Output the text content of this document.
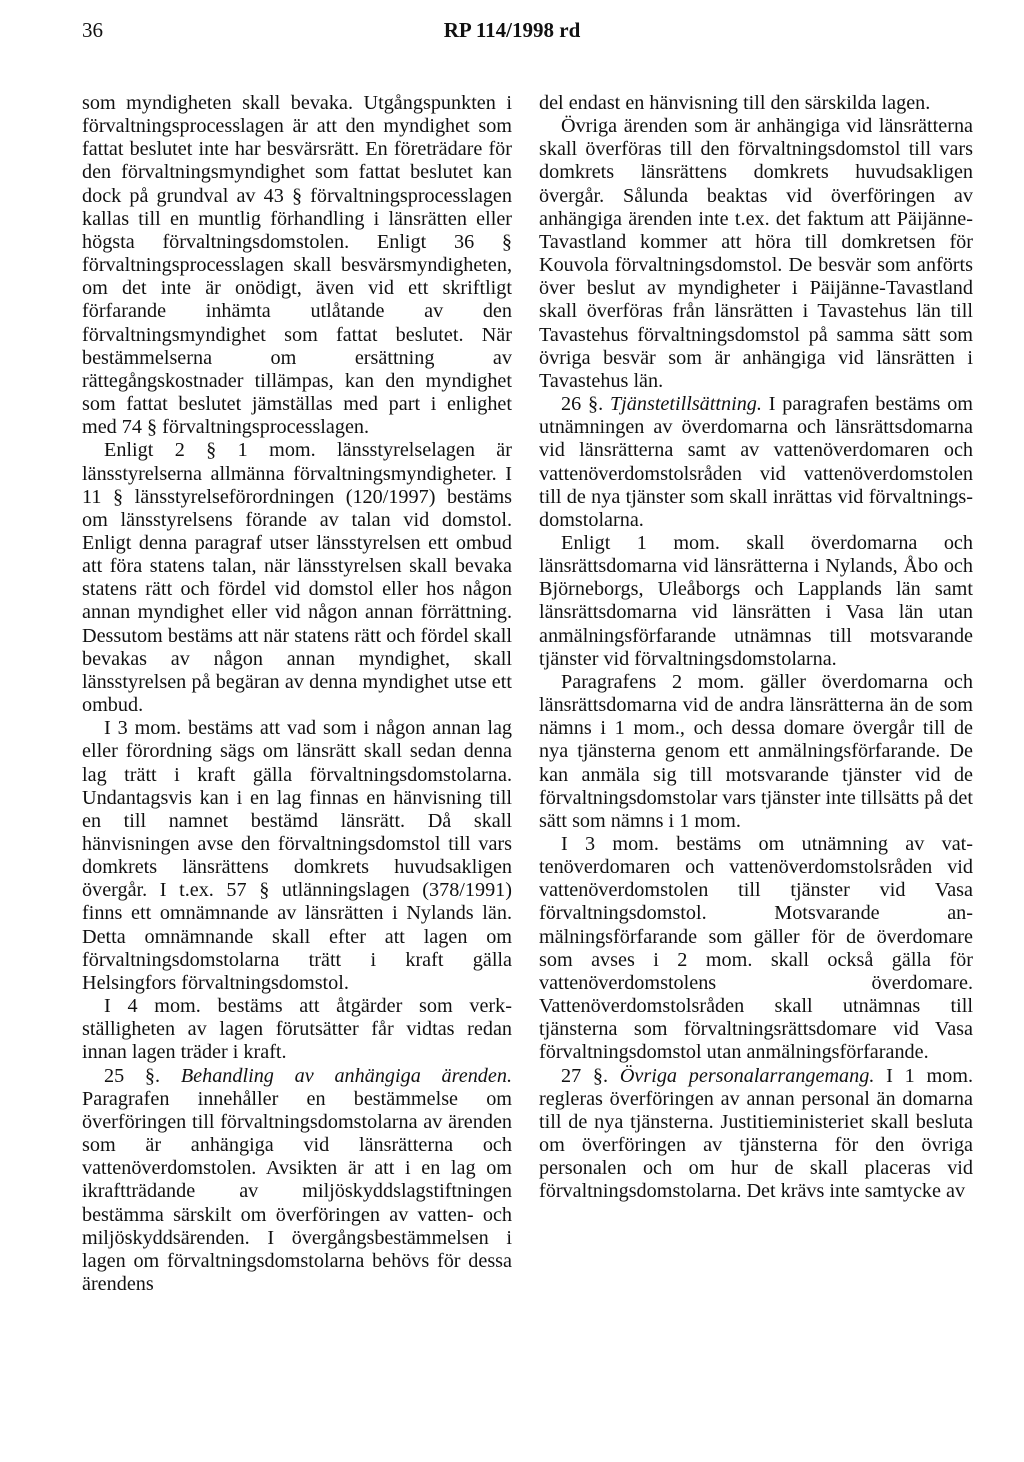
36	RP 114/1998 rd

som myndigheten skall bevaka. Utgångspunkten i förvaltningsprocesslagen är att den myndighet som fattat beslutet inte har besvärsrätt. En företrädare för den förvaltningsmyndighet som fattat beslutet kan dock på grundval av 43 § förvaltningsprocesslagen kallas till en muntlig förhandling i länsrätten eller högsta förvaltningsdomstolen. Enligt 36 § förvaltningsprocesslagen skall besvärsmyndigheten, om det inte är onödigt, även vid ett skriftligt förfarande inhämta utlåtande av den förvaltningsmyndighet som fattat beslutet. När bestämmelserna om ersättning av rättegångskostnader tillämpas, kan den myndighet som fattat beslutet jämställas med part i enlighet med 74 § förvaltningsprocesslagen.

Enligt 2 § 1 mom. länsstyrelselagen är länsstyrelserna allmänna förvaltningsmyndigheter. I 11 § länsstyrelseförordningen (120/1997) bestäms om länsstyrelsens förande av talan vid domstol. Enligt denna paragraf utser länsstyrelsen ett ombud att föra statens talan, när länsstyrelsen skall bevaka statens rätt och fördel vid domstol eller hos någon annan myndighet eller vid någon annan förrättning. Dessutom bestäms att när statens rätt och fördel skall bevakas av någon annan myndighet, skall länsstyrelsen på begäran av denna myndighet utse ett ombud.

I 3 mom. bestäms att vad som i någon annan lag eller förordning sägs om länsrätt skall sedan denna lag trätt i kraft gälla förvaltningsdomstolarna. Undantagsvis kan i en lag finnas en hänvisning till en till namnet bestämd länsrätt. Då skall hänvisningen avse den förvaltningsdomstol till vars domkrets länsrättens domkrets huvudsakligen övergår. I t.ex. 57 § utlänningslagen (378/1991) finns ett omnämnande av länsrätten i Nylands län. Detta omnämnande skall efter att lagen om förvaltningsdomstolarna trätt i kraft gälla Helsingfors förvaltningsdomstol.

I 4 mom. bestäms att åtgärder som verkställigheten av lagen förutsätter får vidtas redan innan lagen träder i kraft.

25 §. Behandling av anhängiga ärenden. Paragrafen innehåller en bestämmelse om överföringen till förvaltningsdomstolarna av ärenden som är anhängiga vid länsrätterna och vattenöverdomstolen. Avsikten är att i en lag om ikraftträdande av miljöskyddslagstiftningen bestämma särskilt om överföringen av vatten- och miljöskyddsärenden. I övergångsbestämmelsen i lagen om förvaltningsdomstolarna behövs för dessa ärendens

del endast en hänvisning till den särskilda lagen.

Övriga ärenden som är anhängiga vid länsrätterna skall överföras till den förvaltningsdomstol till vars domkrets länsrättens domkrets huvudsakligen övergår. Sålunda beaktas vid överföringen av anhängiga ärenden inte t.ex. det faktum att Päijänne-Tavastland kommer att höra till domkretsen för Kouvola förvaltningsdomstol. De besvär som anförts över beslut av myndigheter i Päijänne-Tavastland skall överföras från länsrätten i Tavastehus län till Tavastehus förvaltningsdomstol på samma sätt som övriga besvär som är anhängiga vid länsrätten i Tavastehus län.

26 §. Tjänstetillsättning. I paragrafen bestäms om utnämningen av överdomarna och länsrättsdomarna vid länsrätterna samt av vattenöverdomaren och vattenöverdomstolsråden vid vattenöverdomstolen till de nya tjänster som skall inrättas vid förvaltningsdomstolarna.

Enligt 1 mom. skall överdomarna och länsrättsdomarna vid länsrätterna i Nylands, Åbo och Björneborgs, Uleåborgs och Lapplands län samt länsrättsdomarna vid länsrätten i Vasa län utan anmälningsförfarande utnämnas till motsvarande tjänster vid förvaltningsdomstolarna.

Paragrafens 2 mom. gäller överdomarna och länsrättsdomarna vid de andra länsrätterna än de som nämns i 1 mom., och dessa domare övergår till de nya tjänsterna genom ett anmälningsförfarande. De kan anmäla sig till motsvarande tjänster vid de förvaltningsdomstolar vars tjänster inte tillsätts på det sätt som nämns i 1 mom.

I 3 mom. bestäms om utnämning av vattenöverdomaren och vattenöverdomstolsråden vid vattenöverdomstolen till tjänster vid Vasa förvaltningsdomstol. Motsvarande anmälningsförfarande som gäller för de överdomare som avses i 2 mom. skall också gälla för vattenöverdomstolens överdomare. Vattenöverdomstolsråden skall utnämnas till tjänsterna som förvaltningsrättsdomare vid Vasa förvaltningsdomstol utan anmälningsförfarande.

27 §. Övriga personalarrangemang. I 1 mom. regleras överföringen av annan personal än domarna till de nya tjänsterna. Justitieministeriet skall besluta om överföringen av tjänsterna för den övriga personalen och om hur de skall placeras vid förvaltningsdomstolarna. Det krävs inte samtycke av
